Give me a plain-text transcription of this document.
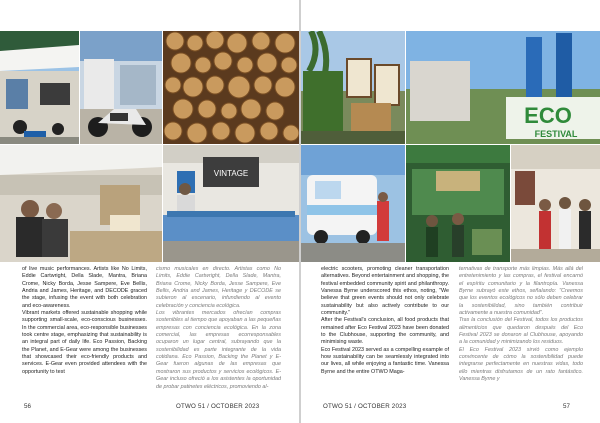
VINTAGE

of live music performances. Artists like No Limits, Eddie Cartwright, Della Slade, Mantra, Briana Crome, Nicky Borda, Jesse Sampere, Eve Bellis, Andria and James, Heritage, and DECODE graced the stage, infusing the event with both celebration and eco-awareness.
Vibrant markets offered sustainable shopping while supporting small-scale, eco-conscious businesses. In the commercial area, eco-responsible businesses took centre stage, emphasizing that sustainability is an integral part of daily life. Eco Passion, Backing the Planet, and E-Gear were among the businesses that showcased their eco-friendly products and services. E-Gear even provided attendees with the opportunity to test

cismo musicales en directo. Artistas como No Limits, Eddie Cartwright, Della Slade, Mantra, Briana Crome, Nicky Borda, Jesse Sampere, Eve Bellis, Andria and James, Heritage y DECODE se subieron al escenario, infundiendo al evento celebración y conciencia ecológica.
Los vibrantes mercados ofrecían compras sostenibles al tiempo que apoyaban a las pequeñas empresas con conciencia ecológica. En la zona comercial, las empresas ecorresponsables ocuparon un lugar central, subrayando que la sostenibilidad es parte integrante de la vida cotidiana. Eco Passion, Backing the Planet y E-Gear fueron algunas de las empresas que mostraron sus productos y servicios ecológicos. E-Gear incluso ofreció a los asistentes la oportunidad de probar patinetes eléctricos, promoviendo al-

56	OTWO 51 / OCTOBER 2023
ECO
FESTIVAL

electric scooters, promoting cleaner transportation alternatives. Beyond entertainment and shopping, the festival embedded community spirit and philanthropy. Vanessa Byrne underscored this ethos, noting, "We believe that green events should not only celebrate sustainability but also actively contribute to our community."
After the Festival's conclusion, all food products that remained after Eco Festival 2023 have been donated to the Clubhouse, supporting the community, and minimising waste.
Eco Festival 2023 served as a compelling example of how sustainability can be seamlessly integrated into our lives, all while enjoying a fantastic time. Vanessa Byrne and the entire OTWO Maga-

ternativas de transporte más limpias. Más allá del entretenimiento y las compras, el festival encarnó el espíritu comunitario y la filantropía. Vanessa Byrne subrayó este ethos, señalando: "Creemos que los eventos ecológicos no sólo deben celebrar la sostenibilidad, sino también contribuir activamente a nuestra comunidad".
Tras la conclusión del Festival, todos los productos alimenticios que quedaron después del Eco Festival 2023 se donaron al Clubhouse, apoyando a la comunidad y minimizando los residuos.
El Eco Festival 2023 sirvió como ejemplo convincente de cómo la sostenibilidad puede integrarse perfectamente en nuestras vidas, todo ello mientras disfrutamos de un rato fantástico. Vanessa Byrne y

OTWO 51 / OCTOBER 2023	57
